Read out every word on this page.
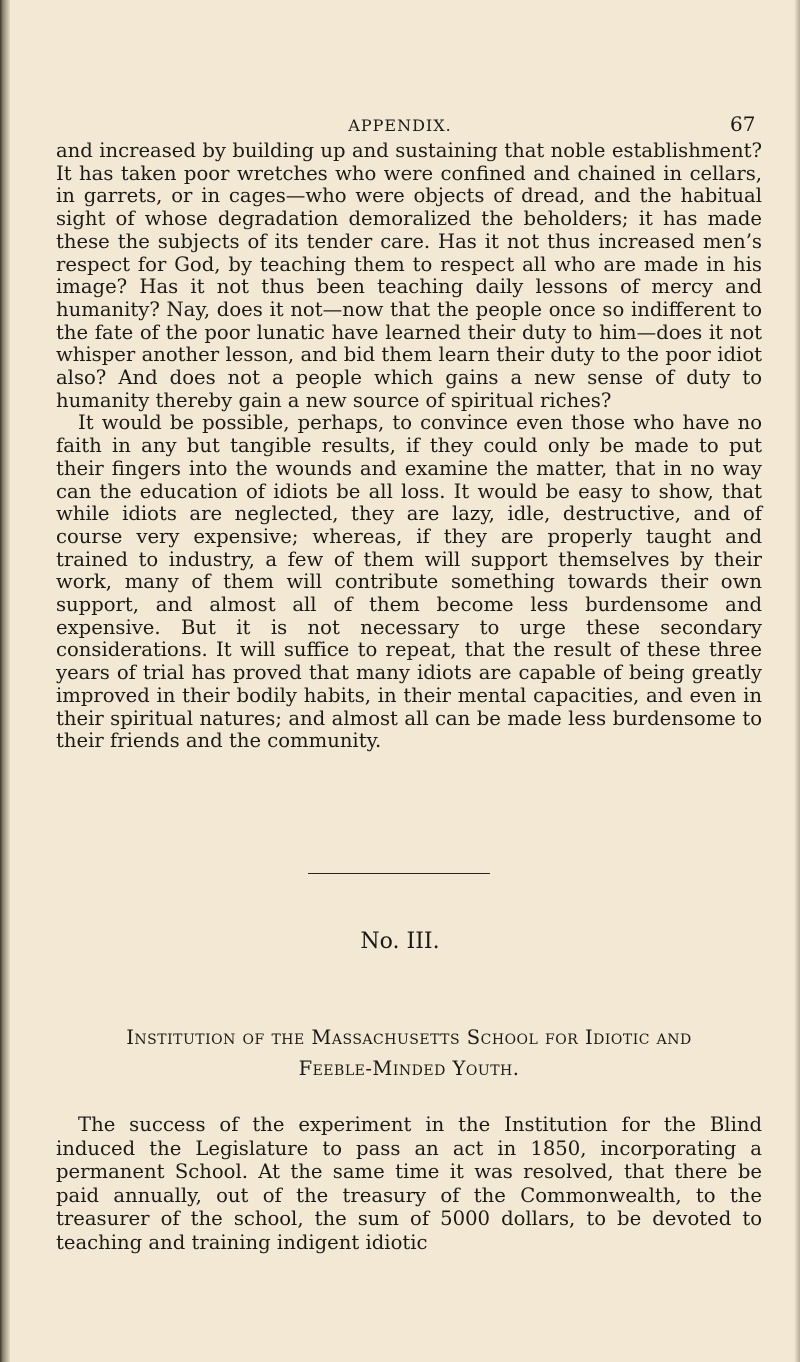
APPENDIX.	67

and increased by building up and sustaining that noble establishment? It has taken poor wretches who were confined and chained in cellars, in garrets, or in cages—who were objects of dread, and the habitual sight of whose degradation demoralized the beholders; it has made these the subjects of its tender care. Has it not thus increased men’s respect for God, by teaching them to respect all who are made in his image? Has it not thus been teaching daily lessons of mercy and humanity? Nay, does it not—now that the people once so indifferent to the fate of the poor lunatic have learned their duty to him—does it not whisper another lesson, and bid them learn their duty to the poor idiot also? And does not a people which gains a new sense of duty to humanity thereby gain a new source of spiritual riches?

It would be possible, perhaps, to convince even those who have no faith in any but tangible results, if they could only be made to put their fingers into the wounds and examine the matter, that in no way can the education of idiots be all loss. It would be easy to show, that while idiots are neglected, they are lazy, idle, destructive, and of course very expensive; whereas, if they are properly taught and trained to industry, a few of them will support themselves by their work, many of them will contribute something towards their own support, and almost all of them become less burdensome and expensive. But it is not necessary to urge these secondary considerations. It will suffice to repeat, that the result of these three years of trial has proved that many idiots are capable of being greatly improved in their bodily habits, in their mental capacities, and even in their spiritual natures; and almost all can be made less burdensome to their friends and the community.

No. III.
Institution of the Massachusetts School for Idiotic and
Feeble-Minded Youth.
The success of the experiment in the Institution for the Blind induced the Legislature to pass an act in 1850, incorporating a permanent School. At the same time it was resolved, that there be paid annually, out of the treasury of the Commonwealth, to the treasurer of the school, the sum of 5000 dollars, to be devoted to teaching and training indigent idiotic
